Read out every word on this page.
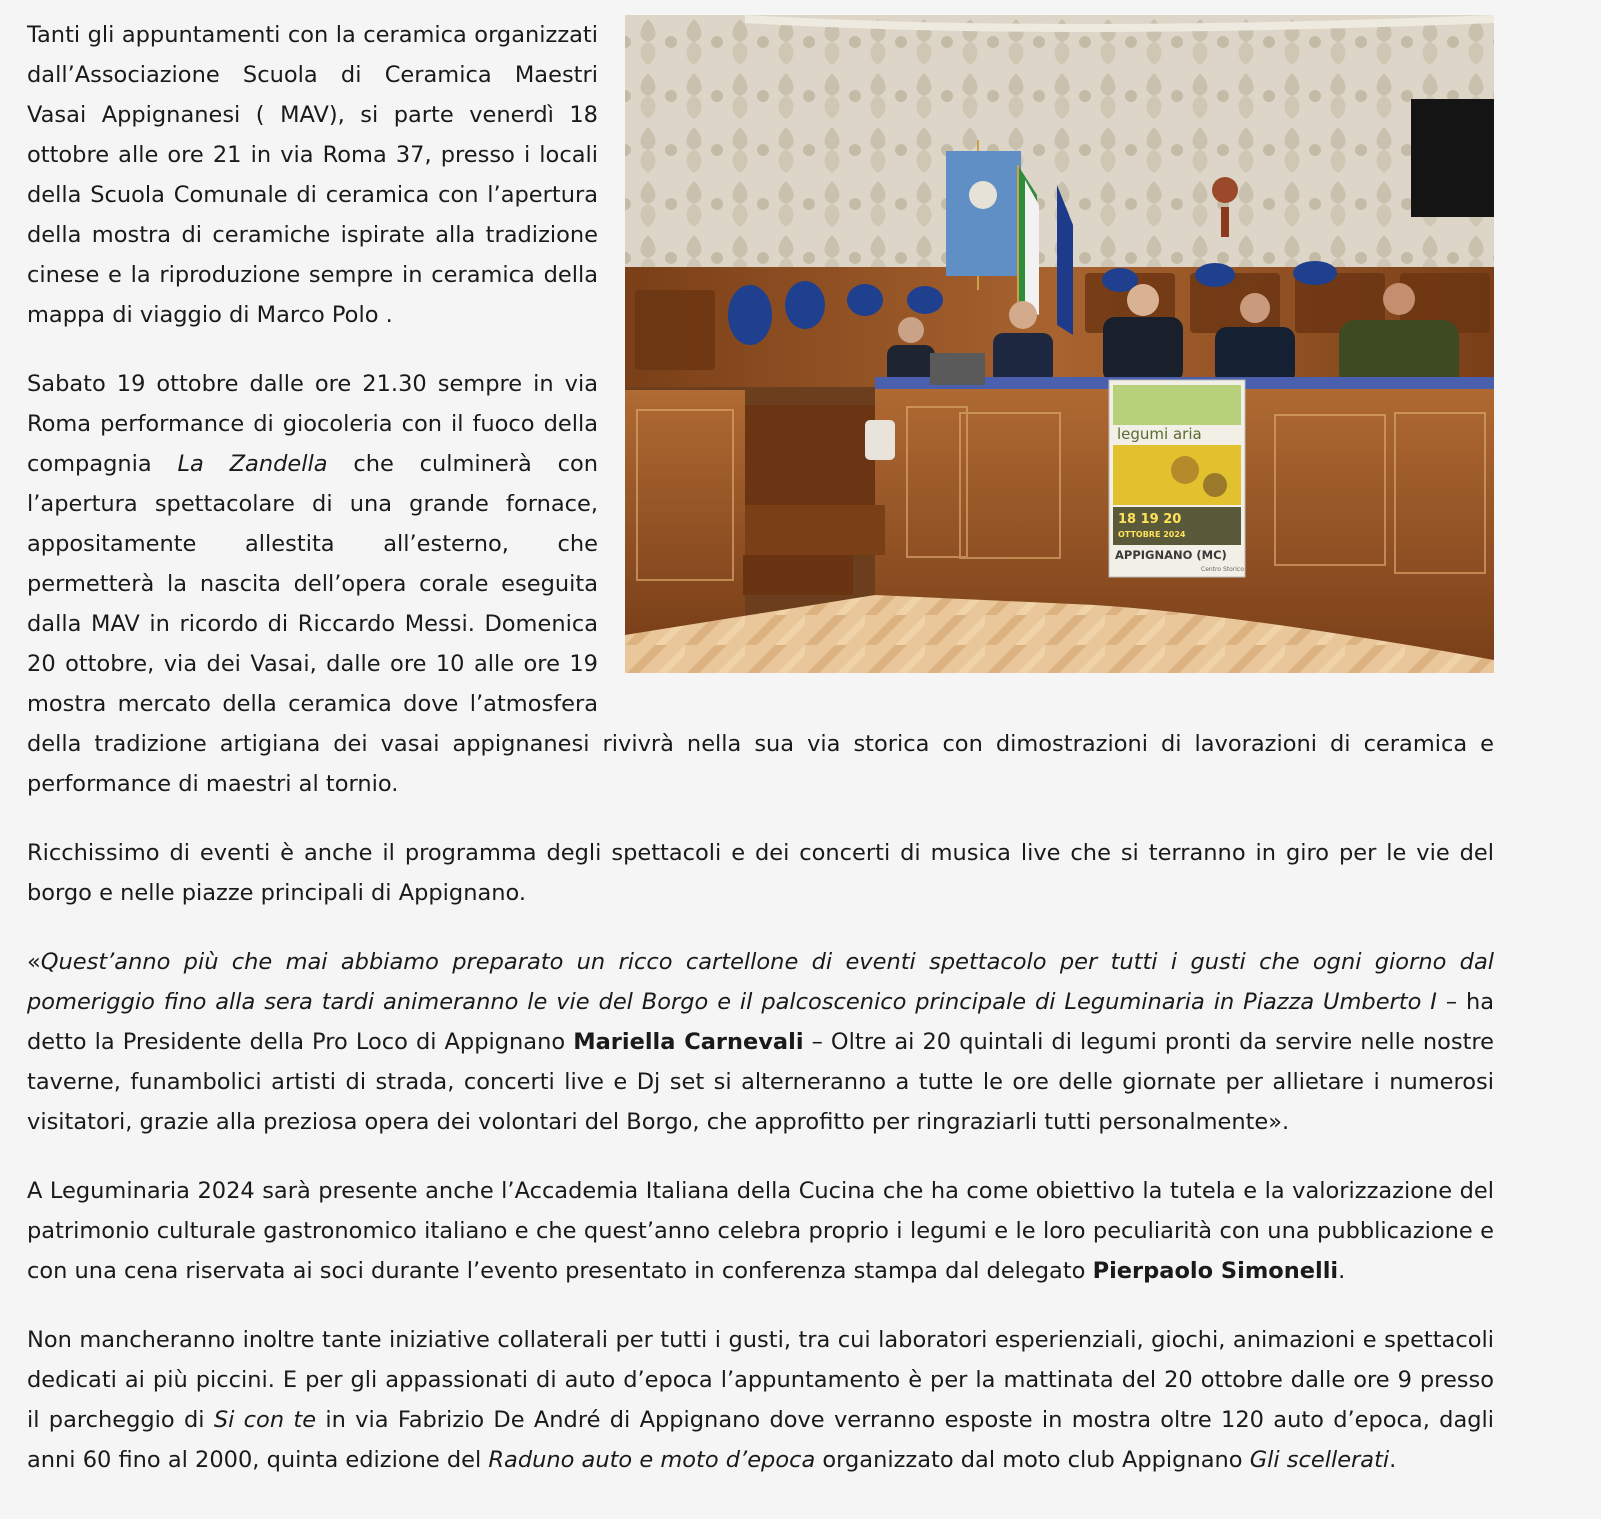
legumi aria
18 19 20
OTTOBRE 2024
APPIGNANO (MC)
Centro Storico

Tanti gli appuntamenti con la ceramica organizzati dall’Associazione Scuola di Ceramica Maestri Vasai Appignanesi ( MAV), si parte venerdì 18 ottobre alle ore 21 in via Roma 37, presso i locali della Scuola Comunale di ceramica con l’apertura della mostra di ceramiche ispirate alla tradizione cinese e la riproduzione sempre in ceramica della mappa di viaggio di Marco Polo .

Sabato 19 ottobre dalle ore 21.30 sempre in via Roma performance di giocoleria con il fuoco della compagnia La Zandella che culminerà con l’apertura spettacolare di una grande fornace, appositamente allestita all’esterno, che permetterà la nascita dell’opera corale eseguita dalla MAV in ricordo di Riccardo Messi. Domenica 20 ottobre, via dei Vasai, dalle ore 10 alle ore 19 mostra mercato della ceramica dove l’atmosfera della tradizione artigiana dei vasai appignanesi rivivrà nella sua via storica con dimostrazioni di lavorazioni di ceramica e performance di maestri al tornio.

Ricchissimo di eventi è anche il programma degli spettacoli e dei concerti di musica live che si terranno in giro per le vie del borgo e nelle piazze principali di Appignano.

«Quest’anno più che mai abbiamo preparato un ricco cartellone di eventi spettacolo per tutti i gusti che ogni giorno dal pomeriggio fino alla sera tardi animeranno le vie del Borgo e il palcoscenico principale di Leguminaria in Piazza Umberto I – ha detto la Presidente della Pro Loco di Appignano Mariella Carnevali – Oltre ai 20 quintali di legumi pronti da servire nelle nostre taverne, funambolici artisti di strada, concerti live e Dj set si alterneranno a tutte le ore delle giornate per allietare i numerosi visitatori, grazie alla preziosa opera dei volontari del Borgo, che approfitto per ringraziarli tutti personalmente».

A Leguminaria 2024 sarà presente anche l’Accademia Italiana della Cucina che ha come obiettivo la tutela e la valorizzazione del patrimonio culturale gastronomico italiano e che quest’anno celebra proprio i legumi e le loro peculiarità con una pubblicazione e con una cena riservata ai soci durante l’evento presentato in conferenza stampa dal delegato Pierpaolo Simonelli.

Non mancheranno inoltre tante iniziative collaterali per tutti i gusti, tra cui laboratori esperienziali, giochi, animazioni e spettacoli dedicati ai più piccini. E per gli appassionati di auto d’epoca l’appuntamento è per la mattinata del 20 ottobre dalle ore 9 presso il parcheggio di Si con te in via Fabrizio De André di Appignano dove verranno esposte in mostra oltre 120 auto d’epoca, dagli anni 60 fino al 2000, quinta edizione del Raduno auto e moto d’epoca organizzato dal moto club Appignano Gli scellerati.
